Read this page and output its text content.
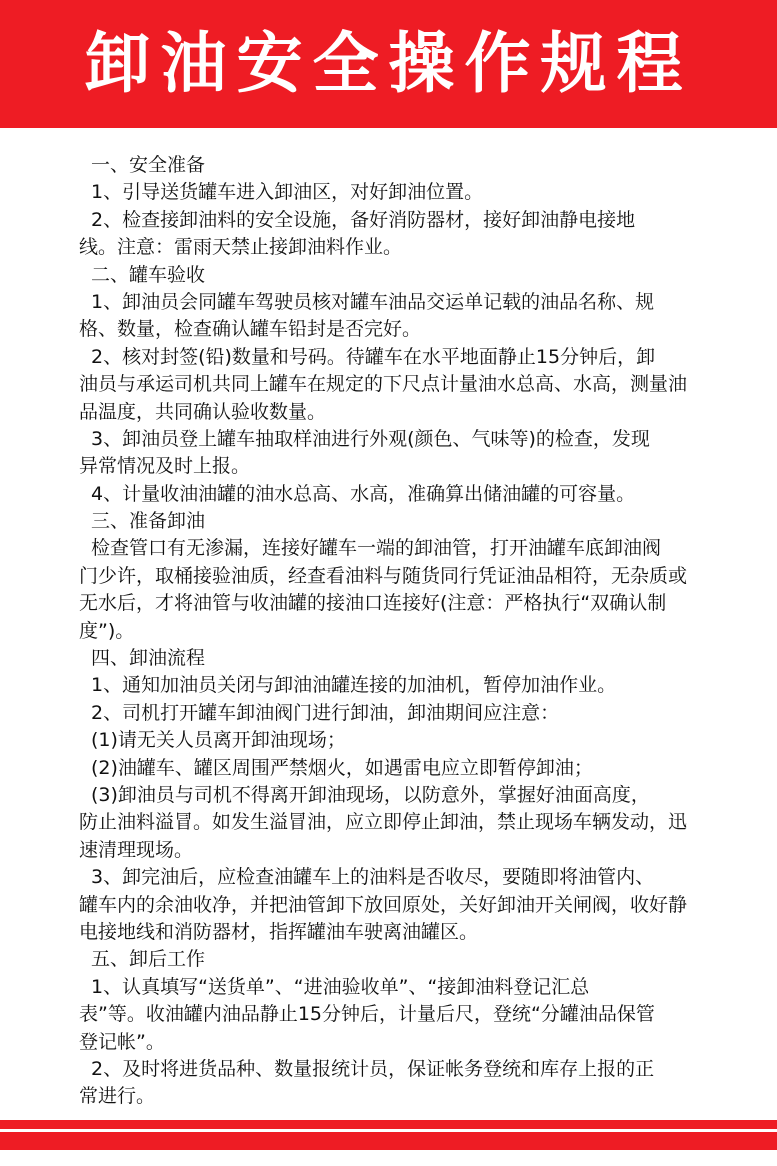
卸油安全操作规程
一、安全准备
1、引导送货罐车进入卸油区，对好卸油位置。
2、检查接卸油料的安全设施，备好消防器材，接好卸油静电接地
线。注意：雷雨天禁止接卸油料作业。
二、罐车验收
1、卸油员会同罐车驾驶员核对罐车油品交运单记载的油品名称、规
格、数量，检查确认罐车铅封是否完好。
2、核对封签(铅)数量和号码。待罐车在水平地面静止15分钟后，卸
油员与承运司机共同上罐车在规定的下尺点计量油水总高、水高，测量油
品温度，共同确认验收数量。
3、卸油员登上罐车抽取样油进行外观(颜色、气味等)的检查，发现
异常情况及时上报。
4、计量收油油罐的油水总高、水高，准确算出储油罐的可容量。
三、准备卸油
检查管口有无渗漏，连接好罐车一端的卸油管，打开油罐车底卸油阀
门少许，取桶接验油质，经查看油料与随货同行凭证油品相符，无杂质或
无水后，才将油管与收油罐的接油口连接好(注意：严格执行“双确认制
度”)。
四、卸油流程
1、通知加油员关闭与卸油油罐连接的加油机，暂停加油作业。
2、司机打开罐车卸油阀门进行卸油，卸油期间应注意：
(1)请无关人员离开卸油现场；
(2)油罐车、罐区周围严禁烟火，如遇雷电应立即暂停卸油；
(3)卸油员与司机不得离开卸油现场，以防意外，掌握好油面高度，
防止油料溢冒。如发生溢冒油，应立即停止卸油，禁止现场车辆发动，迅
速清理现场。
3、卸完油后，应检查油罐车上的油料是否收尽，要随即将油管内、
罐车内的余油收净，并把油管卸下放回原处，关好卸油开关闸阀，收好静
电接地线和消防器材，指挥罐油车驶离油罐区。
五、卸后工作
1、认真填写“送货单”、“进油验收单”、“接卸油料登记汇总
表”等。收油罐内油品静止15分钟后，计量后尺，登统“分罐油品保管
登记帐”。
2、及时将进货品种、数量报统计员，保证帐务登统和库存上报的正
常进行。
